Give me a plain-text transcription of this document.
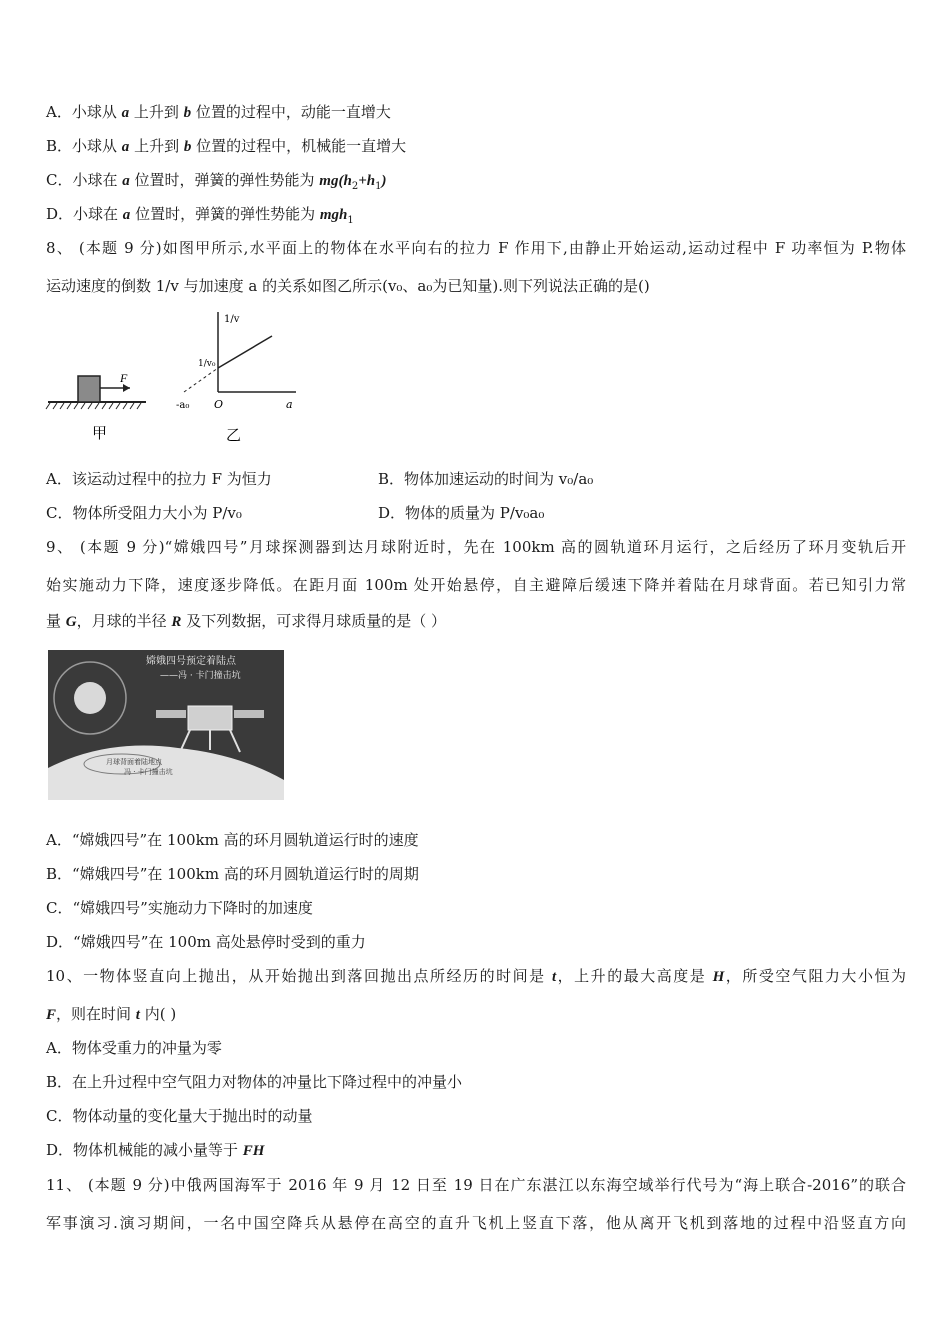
A．小球从 a 上升到 b 位置的过程中，动能一直增大
B．小球从 a 上升到 b 位置的过程中，机械能一直增大
C．小球在 a 位置时，弹簧的弹性势能为 $mg(h_2+h_1)$
D．小球在 a 位置时，弹簧的弹性势能为 mgh$_1$
8、 (本题 9 分)如图甲所示,水平面上的物体在水平向右的拉力 F 作用下,由静止开始运动,运动过程中 F 功率恒为 P.物体
运动速度的倒数 1/v 与加速度 a 的关系如图乙所示(v₀、a₀为已知量).则下列说法正确的是()
F
甲
1/v
1/v₀
-a₀ O	a
乙
A．该运动过程中的拉力 F 为恒力	B．物体加速运动的时间为 v₀/a₀
C．物体所受阻力大小为 P/v₀	D．物体的质量为 P/v₀a₀
9、 (本题 9 分)“嫦娥四号”月球探测器到达月球附近时，先在 100km 高的圆轨道环月运行，之后经历了环月变轨后开
始实施动力下降，速度逐步降低。在距月面 100m 处开始悬停，自主避障后缓速下降并着陆在月球背面。若已知引力常
量 G，月球的半径 R 及下列数据，可求得月球质量的是（ ）
嫦娥四号预定着陆点
——冯 · 卡门撞击坑
月球背面着陆地点
冯 · 卡门撞击坑
A．“嫦娥四号”在 100km 高的环月圆轨道运行时的速度
B．“嫦娥四号”在 100km 高的环月圆轨道运行时的周期
C．“嫦娥四号”实施动力下降时的加速度
D．“嫦娥四号”在 100m 高处悬停时受到的重力
10、一物体竖直向上抛出，从开始抛出到落回抛出点所经历的时间是 t，上升的最大高度是 H，所受空气阻力大小恒为
F，则在时间 t 内( )
A．物体受重力的冲量为零
B．在上升过程中空气阻力对物体的冲量比下降过程中的冲量小
C．物体动量的变化量大于抛出时的动量
D．物体机械能的减小量等于 FH
11、 (本题 9 分)中俄两国海军于 2016 年 9 月 12 日至 19 日在广东湛江以东海空域举行代号为“海上联合-2016”的联合
军事演习.演习期间，一名中国空降兵从悬停在高空的直升飞机上竖直下落，他从离开飞机到落地的过程中沿竖直方向
